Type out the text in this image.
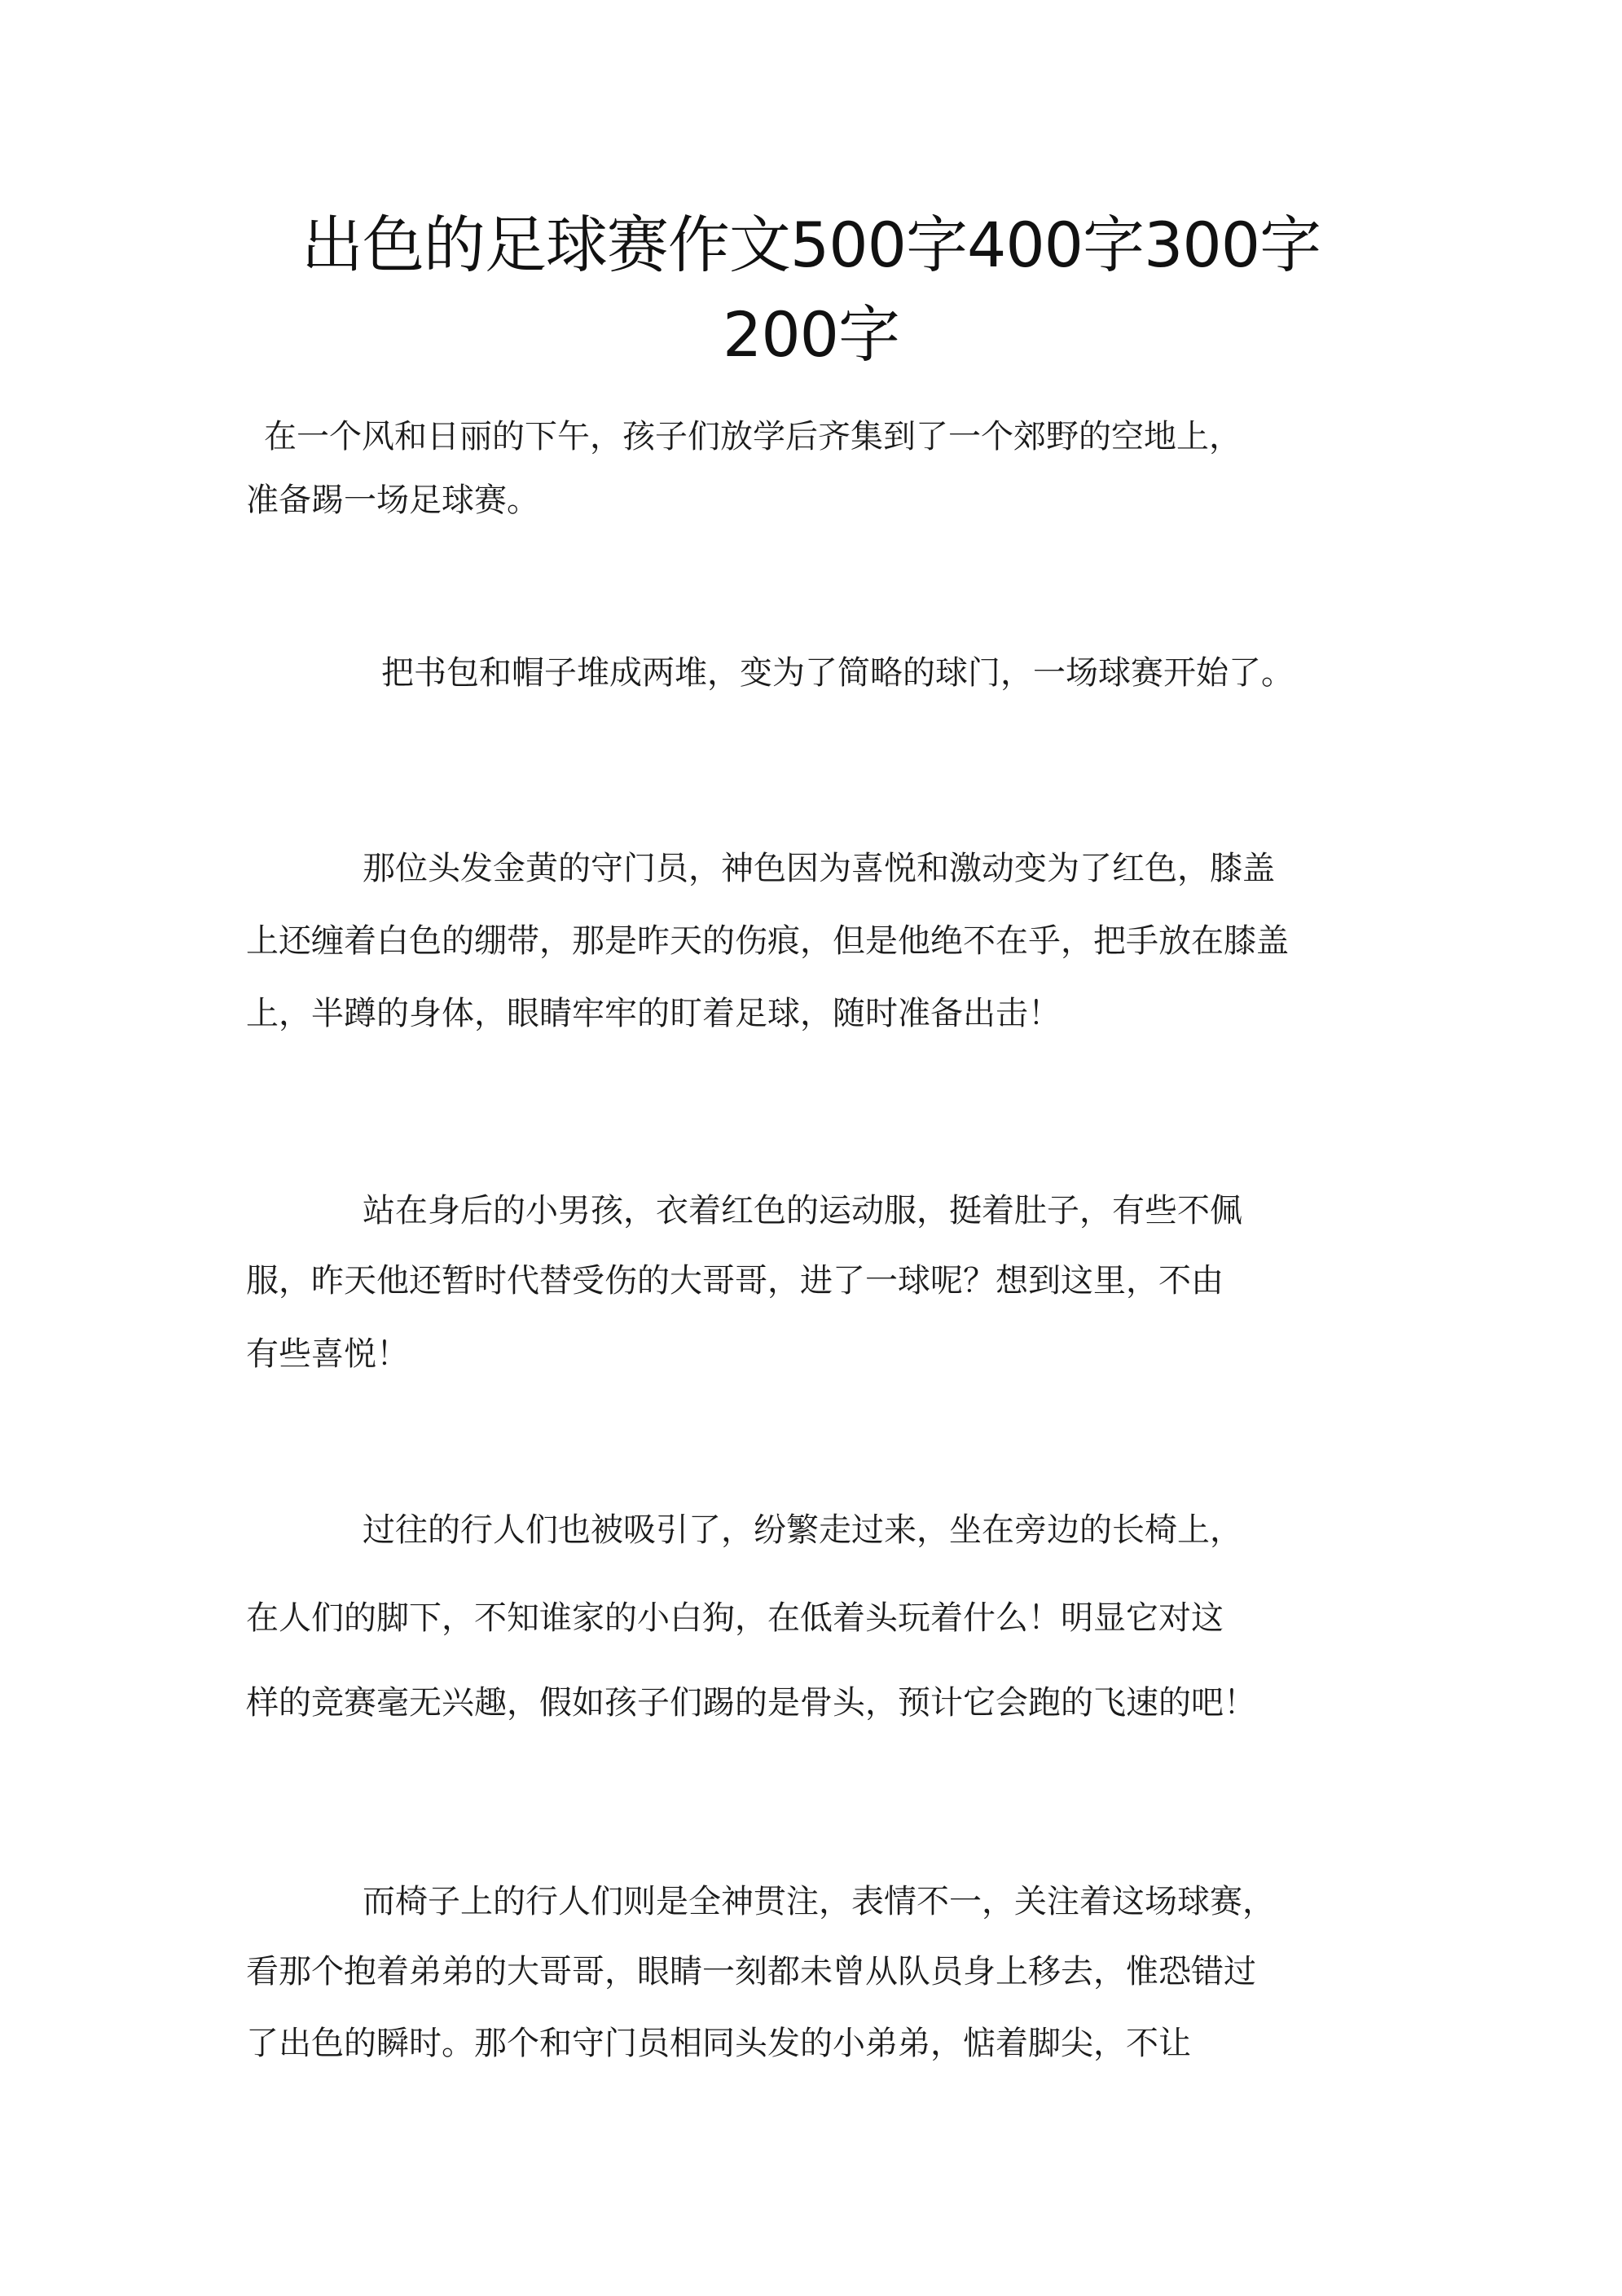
出色的足球赛作文500字400字300字
200字
在一个风和日丽的下午，孩子们放学后齐集到了一个郊野的空地上，
准备踢一场足球赛。
把书包和帽子堆成两堆，变为了简略的球门，一场球赛开始了。
那位头发金黄的守门员，神色因为喜悦和激动变为了红色，膝盖
上还缠着白色的绷带，那是昨天的伤痕，但是他绝不在乎，把手放在膝盖
上，半蹲的身体，眼睛牢牢的盯着足球，随时准备出击！
站在身后的小男孩，衣着红色的运动服，挺着肚子，有些不佩
服，昨天他还暂时代替受伤的大哥哥，进了一球呢？想到这里，不由
有些喜悦！
过往的行人们也被吸引了，纷繁走过来，坐在旁边的长椅上，
在人们的脚下，不知谁家的小白狗，在低着头玩着什么！明显它对这
样的竞赛毫无兴趣，假如孩子们踢的是骨头，预计它会跑的飞速的吧！
而椅子上的行人们则是全神贯注，表情不一，关注着这场球赛，
看那个抱着弟弟的大哥哥，眼睛一刻都未曾从队员身上移去，惟恐错过
了出色的瞬时。那个和守门员相同头发的小弟弟，惦着脚尖，不让
